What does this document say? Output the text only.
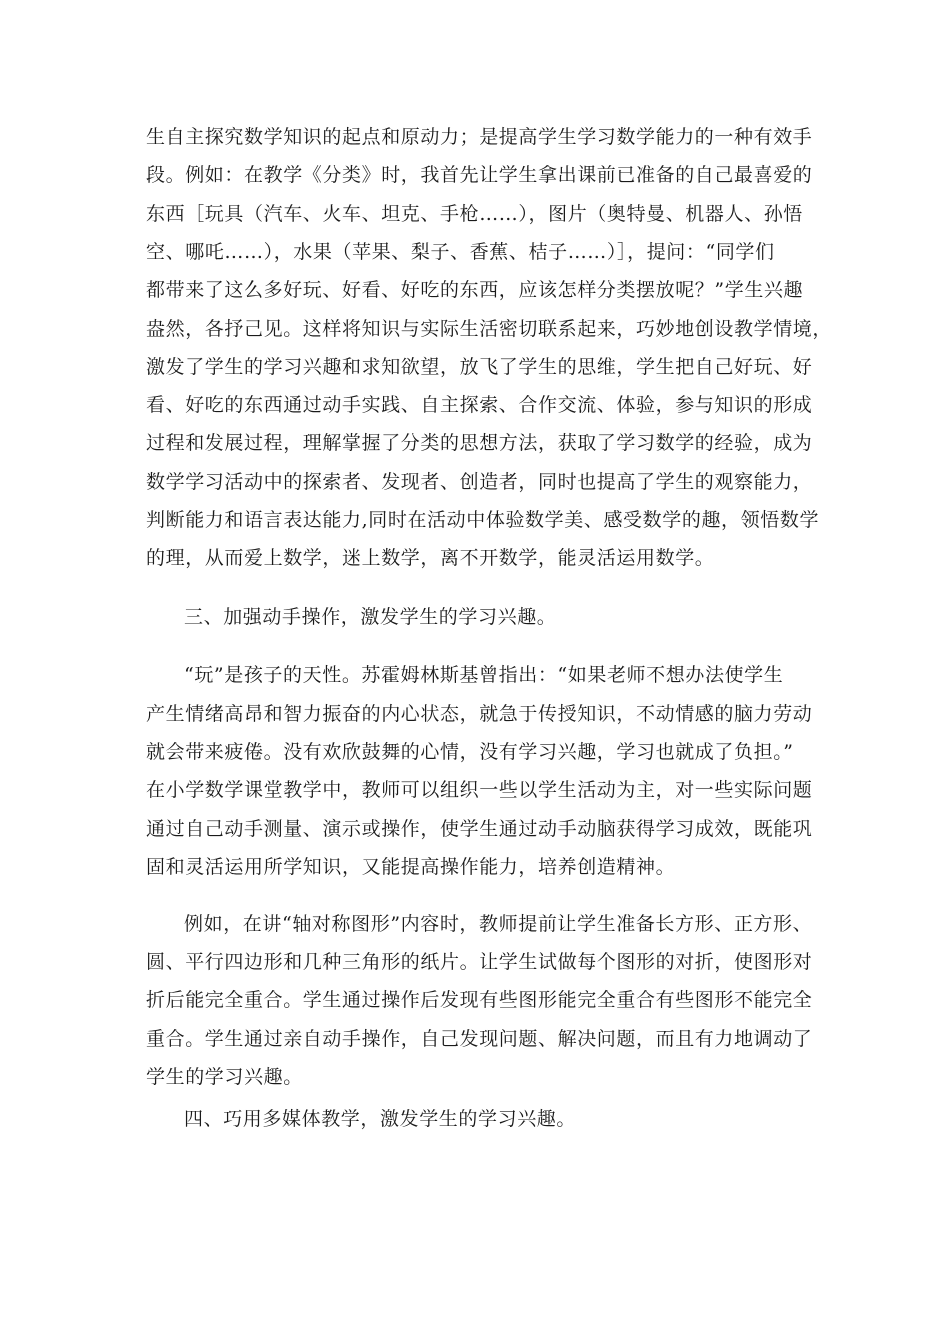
生自主探究数学知识的起点和原动力；是提高学生学习数学能力的一种有效手
段。例如：在教学《分类》时，我首先让学生拿出课前已准备的自己最喜爱的
东西［玩具（汽车、火车、坦克、手枪……），图片（奥特曼、机器人、孙悟
空、哪吒……），水果（苹果、梨子、香蕉、桔子……）］，提问：“同学们
都带来了这么多好玩、好看、好吃的东西，应该怎样分类摆放呢？”学生兴趣
盎然，各抒己见。这样将知识与实际生活密切联系起来，巧妙地创设教学情境，
激发了学生的学习兴趣和求知欲望，放飞了学生的思维，学生把自己好玩、好
看、好吃的东西通过动手实践、自主探索、合作交流、体验，参与知识的形成
过程和发展过程，理解掌握了分类的思想方法，获取了学习数学的经验，成为
数学学习活动中的探索者、发现者、创造者，同时也提高了学生的观察能力，
判断能力和语言表达能力,同时在活动中体验数学美、感受数学的趣，领悟数学
的理，从而爱上数学，迷上数学，离不开数学，能灵活运用数学。
三、加强动手操作，激发学生的学习兴趣。
“玩”是孩子的天性。苏霍姆林斯基曾指出：“如果老师不想办法使学生
产生情绪高昂和智力振奋的内心状态，就急于传授知识，不动情感的脑力劳动
就会带来疲倦。没有欢欣鼓舞的心情，没有学习兴趣，学习也就成了负担。”
在小学数学课堂教学中，教师可以组织一些以学生活动为主，对一些实际问题
通过自己动手测量、演示或操作，使学生通过动手动脑获得学习成效，既能巩
固和灵活运用所学知识，又能提高操作能力，培养创造精神。
例如，在讲“轴对称图形”内容时，教师提前让学生准备长方形、正方形、
圆、平行四边形和几种三角形的纸片。让学生试做每个图形的对折，使图形对
折后能完全重合。学生通过操作后发现有些图形能完全重合有些图形不能完全
重合。学生通过亲自动手操作，自己发现问题、解决问题，而且有力地调动了
学生的学习兴趣。
四、巧用多媒体教学，激发学生的学习兴趣。
